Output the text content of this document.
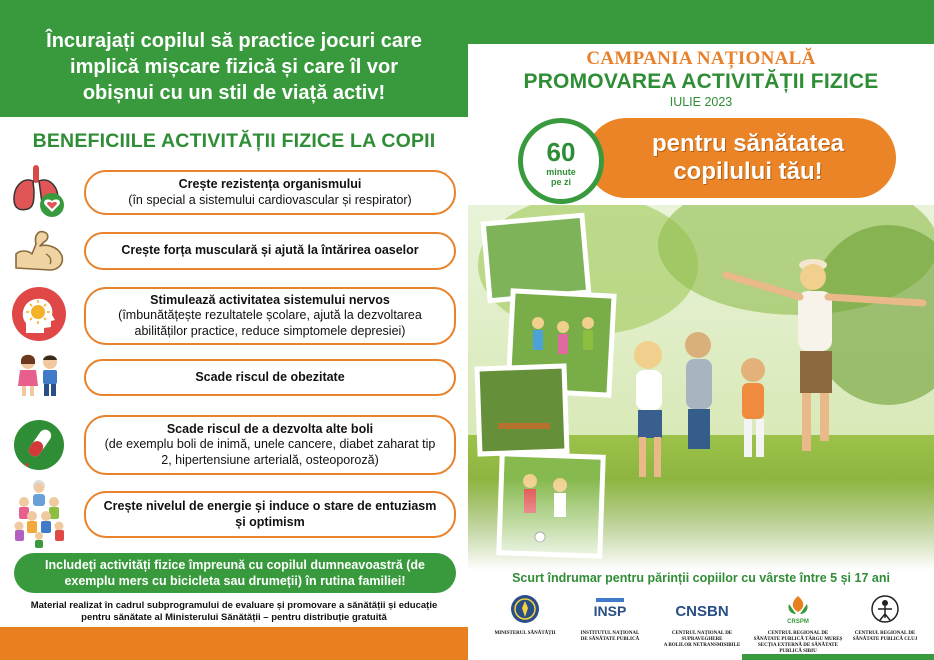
Încurajați copilul să practice jocuri care
implică mișcare fizică și care îl vor
obișnui cu un stil de viață activ!
BENEFICIILE ACTIVITĂȚII FIZICE LA COPII
Crește rezistența organismului
(în special a sistemului cardiovascular și respirator)
Crește forța musculară și ajută la întărirea oaselor
Stimulează activitatea sistemului nervos
(îmbunătățește rezultatele școlare, ajută la dezvoltarea abilităților practice, reduce simptomele depresiei)
Scade riscul de obezitate
Scade riscul de a dezvolta alte boli
(de exemplu boli de inimă, unele cancere, diabet zaharat tip 2, hipertensiune arterială, osteoporoză)
Crește nivelul de energie și induce o stare de entuziasm și optimism
Includeți activități fizice împreună cu copilul dumneavoastră (de
exemplu mers cu bicicleta sau drumeții) în rutina familiei!
Material realizat în cadrul subprogramului de evaluare și promovare a sănătății și educație
pentru sănătate al Ministerului Sănătății – pentru distribuție gratuită
CAMPANIA NAȚIONALĂ
PROMOVAREA ACTIVITĂȚII FIZICE
IULIE 2023
pentru sănătatea
copilului tău!
60
minute
pe zi
Scurt îndrumar pentru părinții copiilor cu vârste între 5 și 17 ani
MINISTERUL SĂNĂTĂȚII
INSP
INSTITUTUL NAȚIONAL
DE SĂNĂTATE PUBLICĂ
CNSBN
CENTRUL NAȚIONAL DE SUPRAVEGHERE
A BOLILOR NETRANSMISIBILE
CRSPM
CENTRUL REGIONAL DE
SĂNĂTATE PUBLICĂ TÂRGU MUREȘ
SECȚIA EXTERNĂ DE SĂNĂTATE PUBLICĂ SIBIU
CENTRUL REGIONAL DE
SĂNĂTATE PUBLICĂ CLUJ
